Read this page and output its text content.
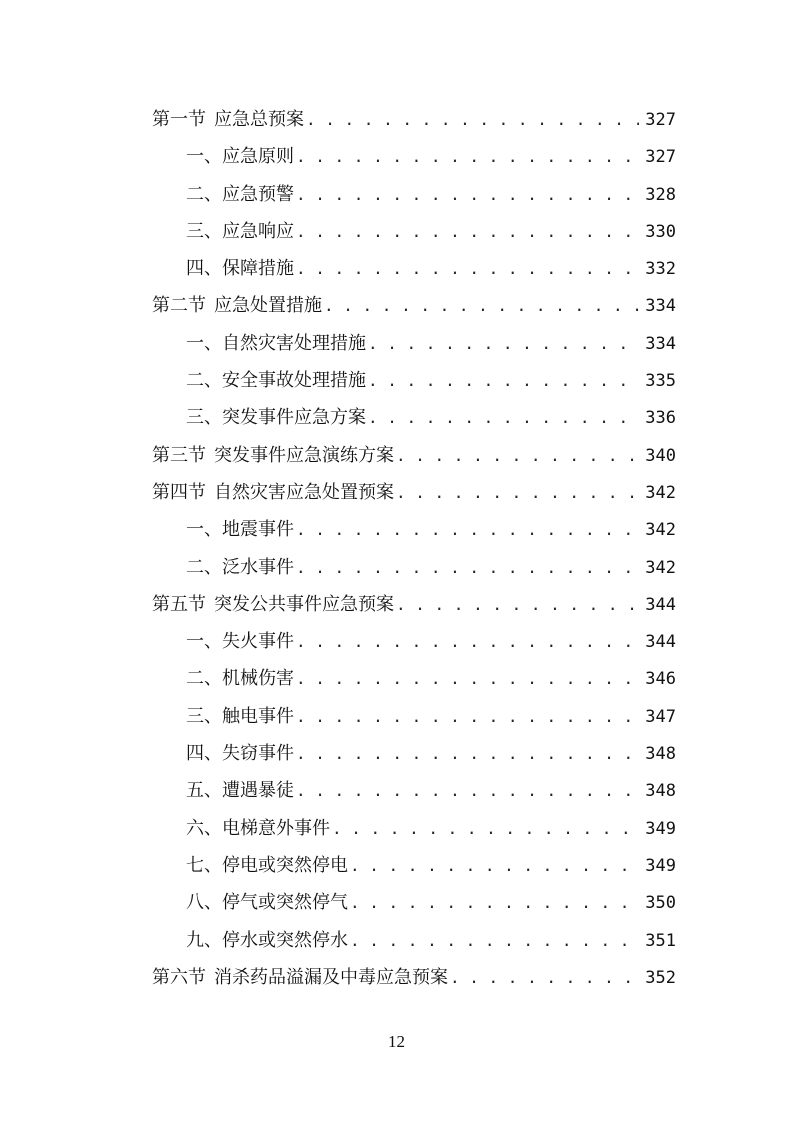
第一节 应急总预案 . . .	327
一、应急原则 . . .	327
二、应急预警 . . .	328
三、应急响应 . . .	330
四、保障措施 . . .	332
第二节 应急处置措施 . . .	334
一、自然灾害处理措施 . . .	334
二、安全事故处理措施 . . .	335
三、突发事件应急方案 . . .	336
第三节 突发事件应急演练方案 . . .	340
第四节 自然灾害应急处置预案 . . .	342
一、地震事件 . . .	342
二、泛水事件 . . .	342
第五节 突发公共事件应急预案 . . .	344
一、失火事件 . . .	344
二、机械伤害 . . .	346
三、触电事件 . . .	347
四、失窃事件 . . .	348
五、遭遇暴徒 . . .	348
六、电梯意外事件 . . .	349
七、停电或突然停电 . . .	349
八、停气或突然停气 . . .	350
九、停水或突然停水 . . .	351
第六节 消杀药品溢漏及中毒应急预案 . . .	352
12
